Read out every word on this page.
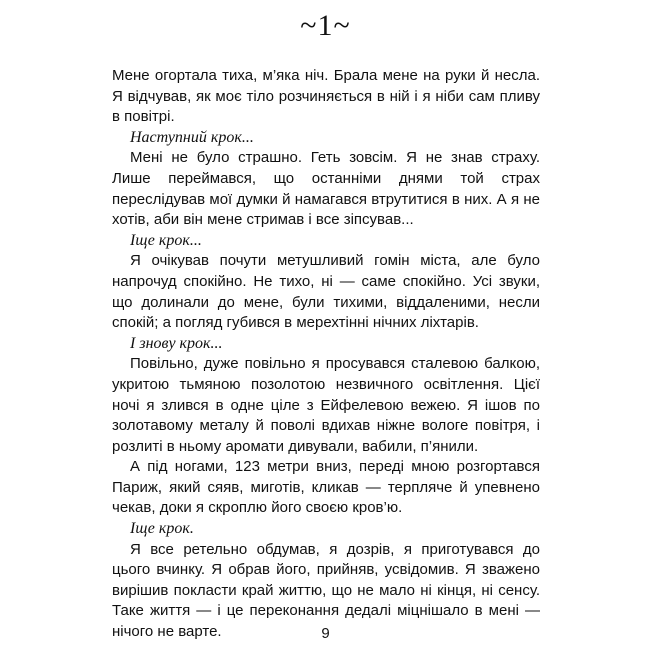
~1~

Мене огортала тиха, м’яка ніч. Брала мене на руки й несла. Я відчував, як моє тіло розчиняється в ній і я ніби сам пливу в повітрі.

Наступний крок...

Мені не було страшно. Геть зовсім. Я не знав страху. Лише переймався, що останніми днями той страх переслідував мої думки й намагався втрутитися в них. А я не хотів, аби він мене стримав і все зіпсував...

Іще крок...

Я очікував почути метушливий гомін міста, але було напрочуд спокійно. Не тихо, ні — саме спокійно. Усі звуки, що долинали до мене, були тихими, віддаленими, несли спокій; а погляд губився в мерехтінні нічних ліхтарів.

І знову крок...

Повільно, дуже повільно я просувався сталевою балкою, укритою тьмяною позолотою незвичного освітлення. Цієї ночі я злився в одне ціле з Ейфелевою вежею. Я ішов по золотавому металу й поволі вдихав ніжне вологе повітря, і розлиті в ньому аромати дивували, вабили, п’янили.

А під ногами, 123 метри вниз, переді мною розгортався Париж, який сяяв, миготів, кликав — терпляче й упевнено чекав, доки я скроплю його своєю кров’ю.

Іще крок.

Я все ретельно обдумав, я дозрів, я приготувався до цього вчинку. Я обрав його, прийняв, усвідомив. Я зважено вирішив покласти край життю, що не мало ні кінця, ні сенсу. Таке життя — і це переконання дедалі міцнішало в мені — нічого не варте.	9
